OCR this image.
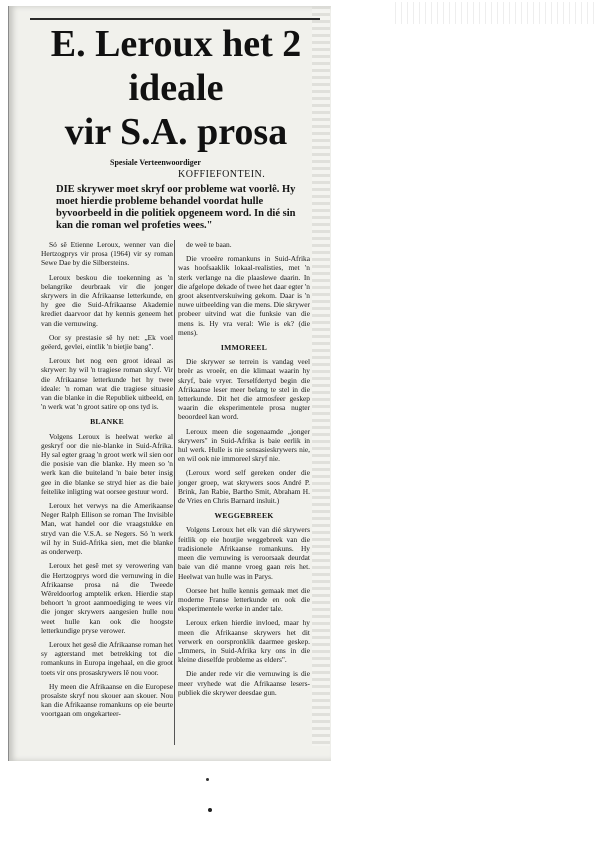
E. Leroux het 2
ideale
vir S.A. prosa

Spesiale Verteenwoordiger

KOFFIEFONTEIN.

DIE skrywer moet skryf oor probleme wat voorlê. Hy moet hierdie probleme behandel voordat hulle byvoorbeeld in die politiek opgeneem word. In dié sin kan die roman wel profeties wees."

Só sê Etienne Leroux, wenner van die Hertzogprys vir prosa (1964) vir sy roman Sewe Dae by die Silbersteins.

Leroux beskou die toekenning as 'n belangrike deurbraak vir die jonger skrywers in die Afrikaanse letterkunde, en hy gee die Suid-Afrikaanse Akademie krediet daarvoor dat hy kennis geneem het van die vernuwing.

Oor sy prestasie sê hy net: „Ek voel geëerd, gevlei, eintlik 'n bietjie bang".

Leroux het nog een groot ideaal as skrywer: hy wil 'n tragiese roman skryf. Vir die Afrikaanse letterkunde het hy twee ideale: 'n roman wat die tragiese situasie van die blanke in die Republiek uitbeeld, en 'n werk wat 'n groot satire op ons tyd is.

BLANKE

Volgens Leroux is heelwat werke al geskryf oor die nie-blanke in Suid-Afrika. Hy sal egter graag 'n groot werk wil sien oor die posisie van die blanke. Hy meen so 'n werk kan die buiteland 'n baie beter insig gee in die blanke se stryd hier as die baie feitelike inligting wat oorsee gestuur word.

Leroux het verwys na die Amerikaanse Neger Ralph Ellison se roman The Invisible Man, wat handel oor die vraagstukke en stryd van die V.S.A. se Negers. Só 'n werk wil hy in Suid-Afrika sien, met die blanke as onderwerp.

Leroux het gesê met sy verowering van die Hertzogprys word die vernuwing in die Afrikaanse prosa ná die Tweede Wêreldoorlog amptelik erken. Hierdie stap behoort 'n groot aanmoediging te wees vir die jonger skrywers aangesien hulle nou weet hulle kan ook die hoogste letterkundige pryse verower.

Leroux het gesê die Afrikaanse roman het sy agterstand met betrekking tot die romankuns in Europa ingehaal, en die groot toets vir ons prosaskrywers lê nou voor.

Hy meen die Afrikaanse en die Europese prosaïste skryf nou skouer aan skouer. Nou kan die Afrikaanse romankuns op eie beurte voortgaan om ongekarteer-

de weë te baan.

Die vroeëre romankuns in Suid-Afrika was hoofsaaklik lokaal-realisties, met 'n sterk verlange na die plaaslewe daarin. In die afgelope dekade of twee het daar egter 'n groot aksentverskuiwing gekom. Daar is 'n nuwe uitbeelding van die mens. Die skrywer probeer uitvind wat die funksie van die mens is. Hy vra veral: Wie is ek? (die mens).

IMMOREEL

Die skrywer se terrein is vandag veel breër as vroeër, en die klimaat waarin hy skryf, baie vryer. Terselfdertyd begin die Afrikaanse leser meer belang te stel in die letterkunde. Dit het die atmosfeer geskep waarin die eksperimentele prosa nugter beoordeel kan word.

Leroux meen die sogenaamde „jonger skrywers" in Suid-Afrika is baie eerlik in hul werk. Hulle is nie sensasieskrywers nie, en wil ook nie immoreel skryf nie.

(Leroux word self gereken onder die jonger groep, wat skrywers soos André P. Brink, Jan Rabie, Bartho Smit, Abraham H. de Vries en Chris Barnard insluit.)

WEGGEBREEK

Volgens Leroux het elk van dié skrywers feitlik op eie houtjie weggebreek van die tradisionele Afrikaanse romankuns. Hy meen die vernuwing is veroorsaak deurdat baie van dié manne vroeg gaan reis het. Heelwat van hulle was in Parys.

Oorsee het hulle kennis gemaak met die moderne Franse letterkunde en ook die eksperimentele werke in ander tale.

Leroux erken hierdie invloed, maar hy meen die Afrikaanse skrywers het dit verwerk en oorspronklik daarmee geskep. „Immers, in Suid-Afrika kry ons in die kleine dieselfde probleme as elders".

Die ander rede vir die vernuwing is die meer vryhede wat die Afrikaanse leserspubliek die skrywer deesdae gun.
